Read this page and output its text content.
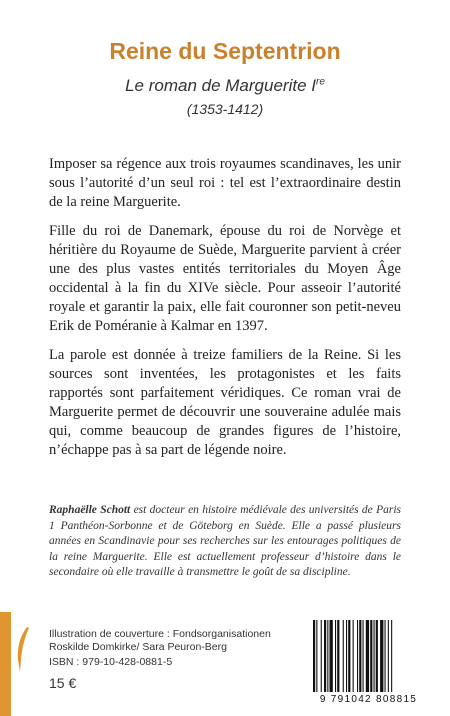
Reine du Septentrion
Le roman de Marguerite Ire
(1353-1412)

Imposer sa régence aux trois royaumes scandinaves, les unir sous l’autorité d’un seul roi : tel est l’extraordinaire destin de la reine Marguerite.

Fille du roi de Danemark, épouse du roi de Norvège et héritière du Royaume de Suède, Marguerite parvient à créer une des plus vastes entités territoriales du Moyen Âge occidental à la fin du XIVe siècle. Pour asseoir l’autorité royale et garantir la paix, elle fait couronner son petit-neveu Erik de Poméranie à Kalmar en 1397.

La parole est donnée à treize familiers de la Reine. Si les sources sont inventées, les protagonistes et les faits rapportés sont parfaitement véridiques. Ce roman vrai de Marguerite permet de découvrir une souveraine adulée mais qui, comme beaucoup de grandes figures de l’histoire, n’échappe pas à sa part de légende noire.

Raphaëlle Schott est docteur en histoire médiévale des universités de Paris 1 Panthéon-Sorbonne et de Göteborg en Suède. Elle a passé plusieurs années en Scandinavie pour ses recherches sur les entourages politiques de la reine Marguerite. Elle est actuellement professeur d’histoire dans le secondaire où elle travaille à transmettre le goût de sa discipline.
Illustration de couverture : Fondsorganisationen
Roskilde Domkirke/ Sara Peuron-Berg
ISBN : 979-10-428-0881-5
15 €
9 791042 808815
